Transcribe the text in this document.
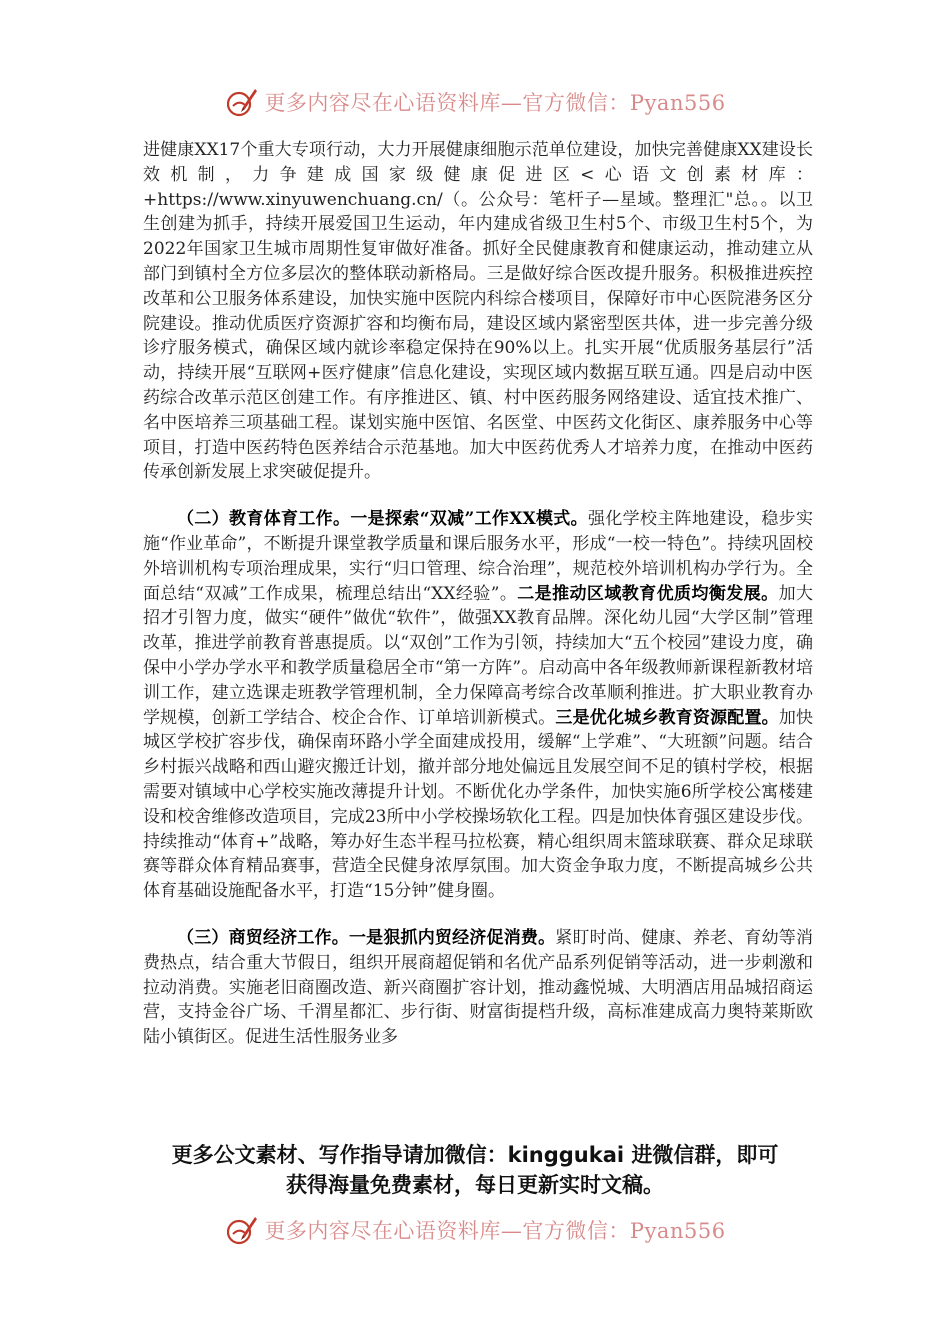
更多内容尽在心语资料库—官方微信：Pyan556

进健康XX17个重大专项行动，大力开展健康细胞示范单位建设，加快完善健康XX建设长效机制，力争建成国家级健康促进区<心语文创素材库：+https://www.xinyuwenchuang.cn/（。公众号：笔杆子—星域。整理汇"总。。以卫生创建为抓手，持续开展爱国卫生运动，年内建成省级卫生村5个、市级卫生村5个，为2022年国家卫生城市周期性复审做好准备。抓好全民健康教育和健康运动，推动建立从部门到镇村全方位多层次的整体联动新格局。三是做好综合医改提升服务。积极推进疾控改革和公卫服务体系建设，加快实施中医院内科综合楼项目，保障好市中心医院港务区分院建设。推动优质医疗资源扩容和均衡布局，建设区域内紧密型医共体，进一步完善分级诊疗服务模式，确保区域内就诊率稳定保持在90%以上。扎实开展“优质服务基层行”活动，持续开展“互联网+医疗健康”信息化建设，实现区域内数据互联互通。四是启动中医药综合改革示范区创建工作。有序推进区、镇、村中医药服务网络建设、适宜技术推广、名中医培养三项基础工程。谋划实施中医馆、名医堂、中医药文化街区、康养服务中心等项目，打造中医药特色医养结合示范基地。加大中医药优秀人才培养力度，在推动中医药传承创新发展上求突破促提升。

（二）教育体育工作。一是探索“双减”工作XX模式。强化学校主阵地建设，稳步实施“作业革命”，不断提升课堂教学质量和课后服务水平，形成“一校一特色”。持续巩固校外培训机构专项治理成果，实行“归口管理、综合治理”，规范校外培训机构办学行为。全面总结“双减”工作成果，梳理总结出“XX经验”。二是推动区域教育优质均衡发展。加大招才引智力度，做实“硬件”做优“软件”，做强XX教育品牌。深化幼儿园“大学区制”管理改革，推进学前教育普惠提质。以“双创”工作为引领，持续加大“五个校园”建设力度，确保中小学办学水平和教学质量稳居全市“第一方阵”。启动高中各年级教师新课程新教材培训工作，建立选课走班教学管理机制，全力保障高考综合改革顺利推进。扩大职业教育办学规模，创新工学结合、校企合作、订单培训新模式。三是优化城乡教育资源配置。加快城区学校扩容步伐，确保南环路小学全面建成投用，缓解“上学难”、“大班额”问题。结合乡村振兴战略和西山避灾搬迁计划，撤并部分地处偏远且发展空间不足的镇村学校，根据需要对镇域中心学校实施改薄提升计划。不断优化办学条件，加快实施6所学校公寓楼建设和校舍维修改造项目，完成23所中小学校操场软化工程。四是加快体育强区建设步伐。持续推动“体育+”战略，筹办好生态半程马拉松赛，精心组织周末篮球联赛、群众足球联赛等群众体育精品赛事，营造全民健身浓厚氛围。加大资金争取力度，不断提高城乡公共体育基础设施配备水平，打造“15分钟”健身圈。

（三）商贸经济工作。一是狠抓内贸经济促消费。紧盯时尚、健康、养老、育幼等消费热点，结合重大节假日，组织开展商超促销和名优产品系列促销等活动，进一步刺激和拉动消费。实施老旧商圈改造、新兴商圈扩容计划，推动鑫悦城、大明酒店用品城招商运营，支持金谷广场、千渭星都汇、步行街、财富街提档升级，高标准建成高力奥特莱斯欧陆小镇街区。促进生活性服务业多

更多公文素材、写作指导请加微信：kinggukai 进微信群，即可
获得海量免费素材，每日更新实时文稿。
更多内容尽在心语资料库—官方微信：Pyan556
